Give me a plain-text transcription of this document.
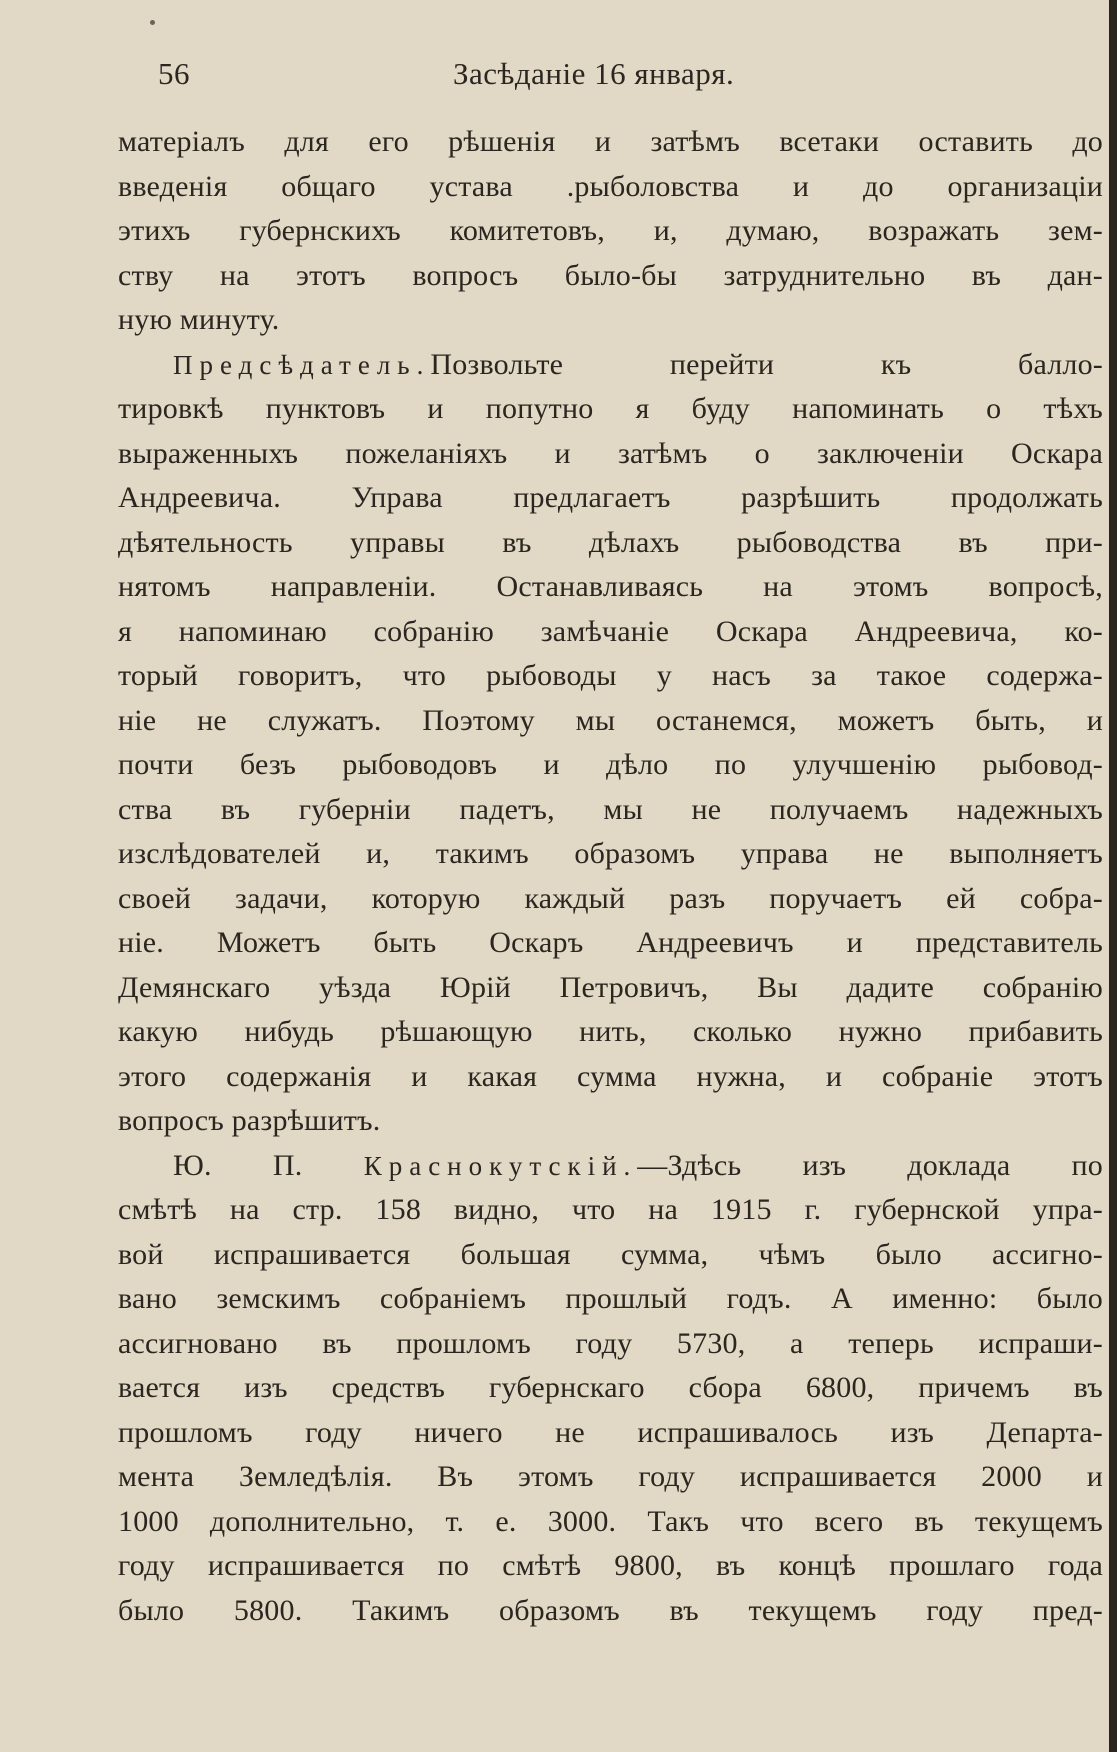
56	Засѣданіе 16 января.
матеріалъ для его рѣшенія и затѣмъ всетаки оставить до
введенія общаго устава .рыболовства и до организаціи
этихъ губернскихъ комитетовъ, и, думаю, возражать зем-
ству на этотъ вопросъ было-бы затруднительно въ дан-
ную минуту.
Предсѣдатель.Позвольте перейти къ балло-
тировкѣ пунктовъ и попутно я буду напоминать о тѣхъ
выраженныхъ пожеланіяхъ и затѣмъ о заключеніи Оскара
Андреевича. Управа предлагаетъ разрѣшить продолжать
дѣятельность управы въ дѣлахъ рыбоводства въ при-
нятомъ направленіи. Останавливаясь на этомъ вопросѣ,
я напоминаю собранію замѣчаніе Оскара Андреевича, ко-
торый говоритъ, что рыбоводы у насъ за такое содержа-
ніе не служатъ. Поэтому мы останемся, можетъ быть, и
почти безъ рыбоводовъ и дѣло по улучшенію рыбовод-
ства въ губерніи падетъ, мы не получаемъ надежныхъ
изслѣдователей и, такимъ образомъ управа не выполняетъ
своей задачи, которую каждый разъ поручаетъ ей собра-
ніе. Можетъ быть Оскаръ Андреевичъ и представитель
Демянскаго уѣзда Юрій Петровичъ, Вы дадите собранію
какую нибудь рѣшающую нить, сколько нужно прибавить
этого содержанія и какая сумма нужна, и собраніе этотъ
вопросъ разрѣшитъ.
Ю. П. Краснокутскій.—Здѣсь изъ доклада по
смѣтѣ на стр. 158 видно, что на 1915 г. губернской упра-
вой испрашивается большая сумма, чѣмъ было ассигно-
вано земскимъ собраніемъ прошлый годъ. А именно: было
ассигновано въ прошломъ году 5730, а теперь испраши-
вается изъ средствъ губернскаго сбора 6800, причемъ въ
прошломъ году ничего не испрашивалось изъ Департа-
мента Земледѣлія. Въ этомъ году испрашивается 2000 и
1000 дополнительно, т. е. 3000. Такъ что всего въ текущемъ
году испрашивается по смѣтѣ 9800, въ концѣ прошлаго года
было 5800. Такимъ образомъ въ текущемъ году пред-
